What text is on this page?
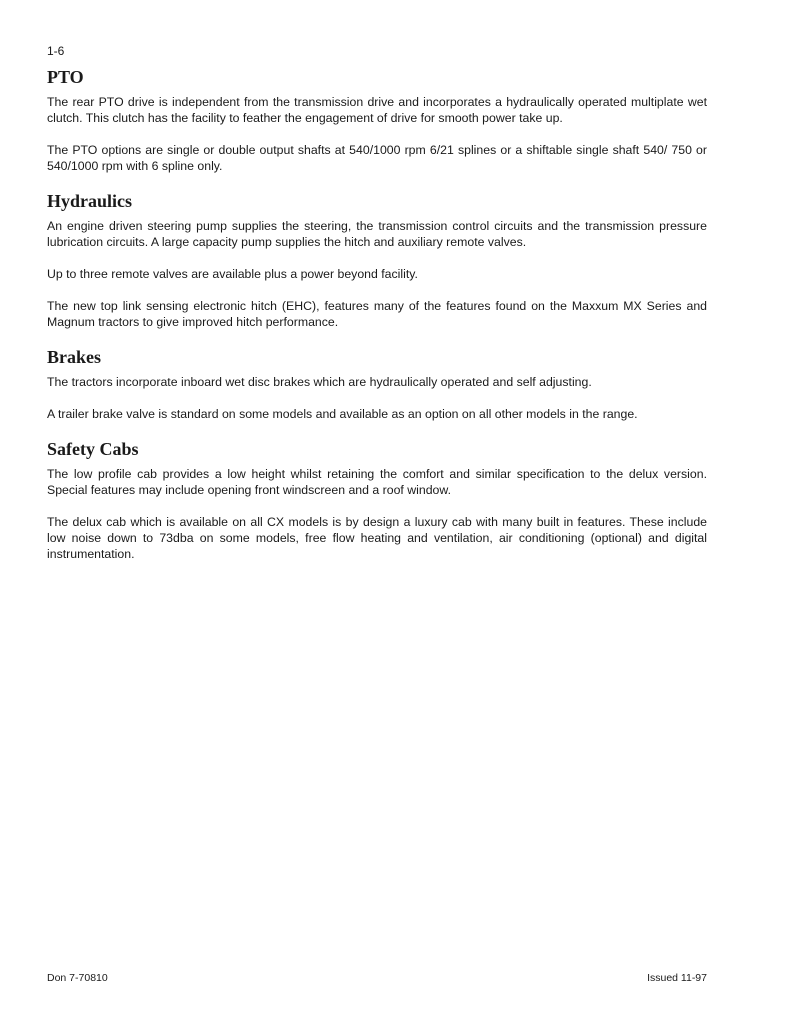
1-6

PTO

The rear PTO drive is independent from the transmission drive and incorporates a hydraulically operated multiplate wet clutch. This clutch has the facility to feather the engagement of drive for smooth power take up.

The PTO options are single or double output shafts at 540/1000 rpm 6/21 splines or a shiftable single shaft 540/ 750 or 540/1000 rpm with 6 spline only.

Hydraulics

An engine driven steering pump supplies the steering, the transmission control circuits and the transmission pressure lubrication circuits. A large capacity pump supplies the hitch and auxiliary remote valves.

Up to three remote valves are available plus a power beyond facility.

The new top link sensing electronic hitch (EHC), features many of the features found on the Maxxum MX Series and Magnum tractors to give improved hitch performance.

Brakes

The tractors incorporate inboard wet disc brakes which are hydraulically operated and self adjusting.

A trailer brake valve is standard on some models and available as an option on all other models in the range.

Safety Cabs

The low profile cab provides a low height whilst retaining the comfort and similar specification to the delux version. Special features may include opening front windscreen and a roof window.

The delux cab which is available on all CX models is by design a luxury cab with many built in features. These include low noise down to 73dba on some models, free flow heating and ventilation, air conditioning (optional) and digital instrumentation.

Don 7-70810	Issued 11-97
